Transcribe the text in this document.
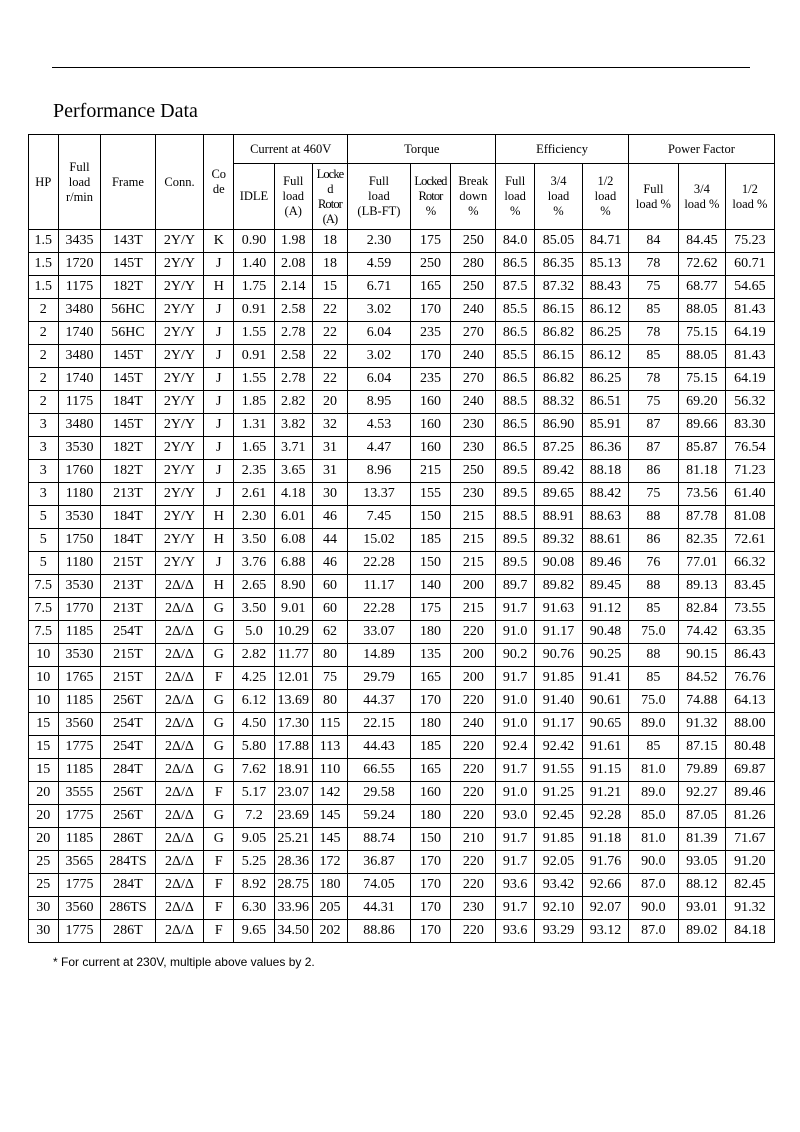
Performance Data
HP	Full
load
r/min	Frame	Conn.	Co
de	Current at 460V			Torque			Efficiency			Power Factor		
					IDLE	Full
load
(A)	Locke
d
Rotor
(A)	Full
load
(LB-FT)	Locked
Rotor
%	Break
down
%	Full
load
%	3/4
load
%	1/2
load
%	Full
load %	3/4
load %	1/2
load %
1.5	3435	143T	2Y/Y	K	0.90	1.98	18	2.30	175	250	84.0	85.05	84.71	84	84.45	75.23
1.5	1720	145T	2Y/Y	J	1.40	2.08	18	4.59	250	280	86.5	86.35	85.13	78	72.62	60.71
1.5	1175	182T	2Y/Y	H	1.75	2.14	15	6.71	165	250	87.5	87.32	88.43	75	68.77	54.65
2	3480	56HC	2Y/Y	J	0.91	2.58	22	3.02	170	240	85.5	86.15	86.12	85	88.05	81.43
2	1740	56HC	2Y/Y	J	1.55	2.78	22	6.04	235	270	86.5	86.82	86.25	78	75.15	64.19
2	3480	145T	2Y/Y	J	0.91	2.58	22	3.02	170	240	85.5	86.15	86.12	85	88.05	81.43
2	1740	145T	2Y/Y	J	1.55	2.78	22	6.04	235	270	86.5	86.82	86.25	78	75.15	64.19
2	1175	184T	2Y/Y	J	1.85	2.82	20	8.95	160	240	88.5	88.32	86.51	75	69.20	56.32
3	3480	145T	2Y/Y	J	1.31	3.82	32	4.53	160	230	86.5	86.90	85.91	87	89.66	83.30
3	3530	182T	2Y/Y	J	1.65	3.71	31	4.47	160	230	86.5	87.25	86.36	87	85.87	76.54
3	1760	182T	2Y/Y	J	2.35	3.65	31	8.96	215	250	89.5	89.42	88.18	86	81.18	71.23
3	1180	213T	2Y/Y	J	2.61	4.18	30	13.37	155	230	89.5	89.65	88.42	75	73.56	61.40
5	3530	184T	2Y/Y	H	2.30	6.01	46	7.45	150	215	88.5	88.91	88.63	88	87.78	81.08
5	1750	184T	2Y/Y	H	3.50	6.08	44	15.02	185	215	89.5	89.32	88.61	86	82.35	72.61
5	1180	215T	2Y/Y	J	3.76	6.88	46	22.28	150	215	89.5	90.08	89.46	76	77.01	66.32
7.5	3530	213T	2Δ/Δ	H	2.65	8.90	60	11.17	140	200	89.7	89.82	89.45	88	89.13	83.45
7.5	1770	213T	2Δ/Δ	G	3.50	9.01	60	22.28	175	215	91.7	91.63	91.12	85	82.84	73.55
7.5	1185	254T	2Δ/Δ	G	5.0	10.29	62	33.07	180	220	91.0	91.17	90.48	75.0	74.42	63.35
10	3530	215T	2Δ/Δ	G	2.82	11.77	80	14.89	135	200	90.2	90.76	90.25	88	90.15	86.43
10	1765	215T	2Δ/Δ	F	4.25	12.01	75	29.79	165	200	91.7	91.85	91.41	85	84.52	76.76
10	1185	256T	2Δ/Δ	G	6.12	13.69	80	44.37	170	220	91.0	91.40	90.61	75.0	74.88	64.13
15	3560	254T	2Δ/Δ	G	4.50	17.30	115	22.15	180	240	91.0	91.17	90.65	89.0	91.32	88.00
15	1775	254T	2Δ/Δ	G	5.80	17.88	113	44.43	185	220	92.4	92.42	91.61	85	87.15	80.48
15	1185	284T	2Δ/Δ	G	7.62	18.91	110	66.55	165	220	91.7	91.55	91.15	81.0	79.89	69.87
20	3555	256T	2Δ/Δ	F	5.17	23.07	142	29.58	160	220	91.0	91.25	91.21	89.0	92.27	89.46
20	1775	256T	2Δ/Δ	G	7.2	23.69	145	59.24	180	220	93.0	92.45	92.28	85.0	87.05	81.26
20	1185	286T	2Δ/Δ	G	9.05	25.21	145	88.74	150	210	91.7	91.85	91.18	81.0	81.39	71.67
25	3565	284TS	2Δ/Δ	F	5.25	28.36	172	36.87	170	220	91.7	92.05	91.76	90.0	93.05	91.20
25	1775	284T	2Δ/Δ	F	8.92	28.75	180	74.05	170	220	93.6	93.42	92.66	87.0	88.12	82.45
30	3560	286TS	2Δ/Δ	F	6.30	33.96	205	44.31	170	230	91.7	92.10	92.07	90.0	93.01	91.32
30	1775	286T	2Δ/Δ	F	9.65	34.50	202	88.86	170	220	93.6	93.29	93.12	87.0	89.02	84.18
* For current at 230V, multiple above values by 2.
